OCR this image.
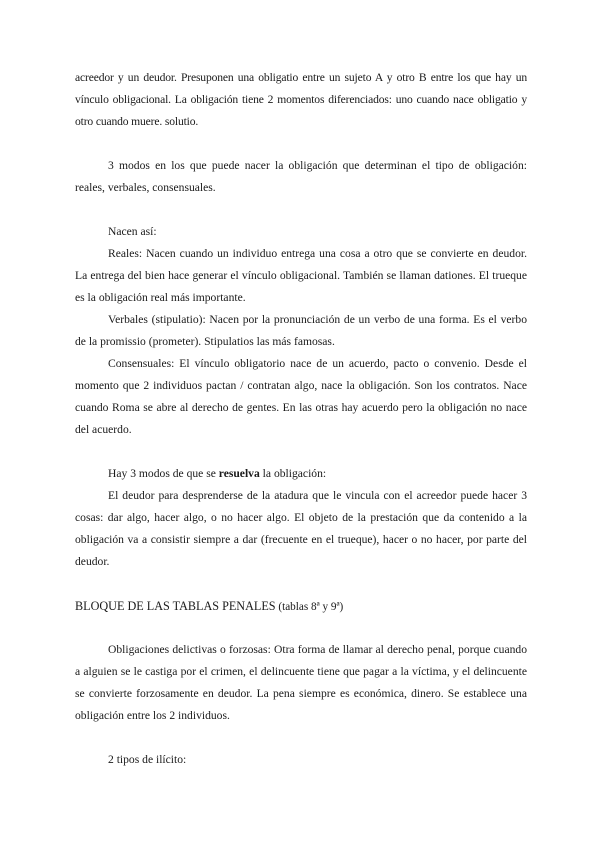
acreedor y un deudor. Presuponen una obligatio entre un sujeto A y otro B entre los que hay un vínculo obligacional. La obligación tiene 2 momentos diferenciados: uno cuando nace obligatio y otro cuando muere. solutio.

3 modos en los que puede nacer la obligación que determinan el tipo de obligación: reales, verbales, consensuales.

Nacen así:

Reales: Nacen cuando un individuo entrega una cosa a otro que se convierte en deudor. La entrega del bien hace generar el vínculo obligacional. También se llaman dationes. El trueque es la obligación real más importante.

Verbales (stipulatio): Nacen por la pronunciación de un verbo de una forma. Es el verbo de la promissio (prometer). Stipulatios las más famosas.

Consensuales: El vínculo obligatorio nace de un acuerdo, pacto o convenio. Desde el momento que 2 individuos pactan / contratan algo, nace la obligación. Son los contratos. Nace cuando Roma se abre al derecho de gentes. En las otras hay acuerdo pero la obligación no nace del acuerdo.

Hay 3 modos de que se resuelva la obligación:

El deudor para desprenderse de la atadura que le vincula con el acreedor puede hacer 3 cosas: dar algo, hacer algo, o no hacer algo. El objeto de la prestación que da contenido a la obligación va a consistir siempre a dar (frecuente en el trueque), hacer o no hacer, por parte del deudor.

BLOQUE DE LAS TABLAS PENALES (tablas 8ª y 9ª)

Obligaciones delictivas o forzosas: Otra forma de llamar al derecho penal, porque cuando a alguien se le castiga por el crimen, el delincuente tiene que pagar a la víctima, y el delincuente se convierte forzosamente en deudor. La pena siempre es económica, dinero. Se establece una obligación entre los 2 individuos.

2 tipos de ilícito:
